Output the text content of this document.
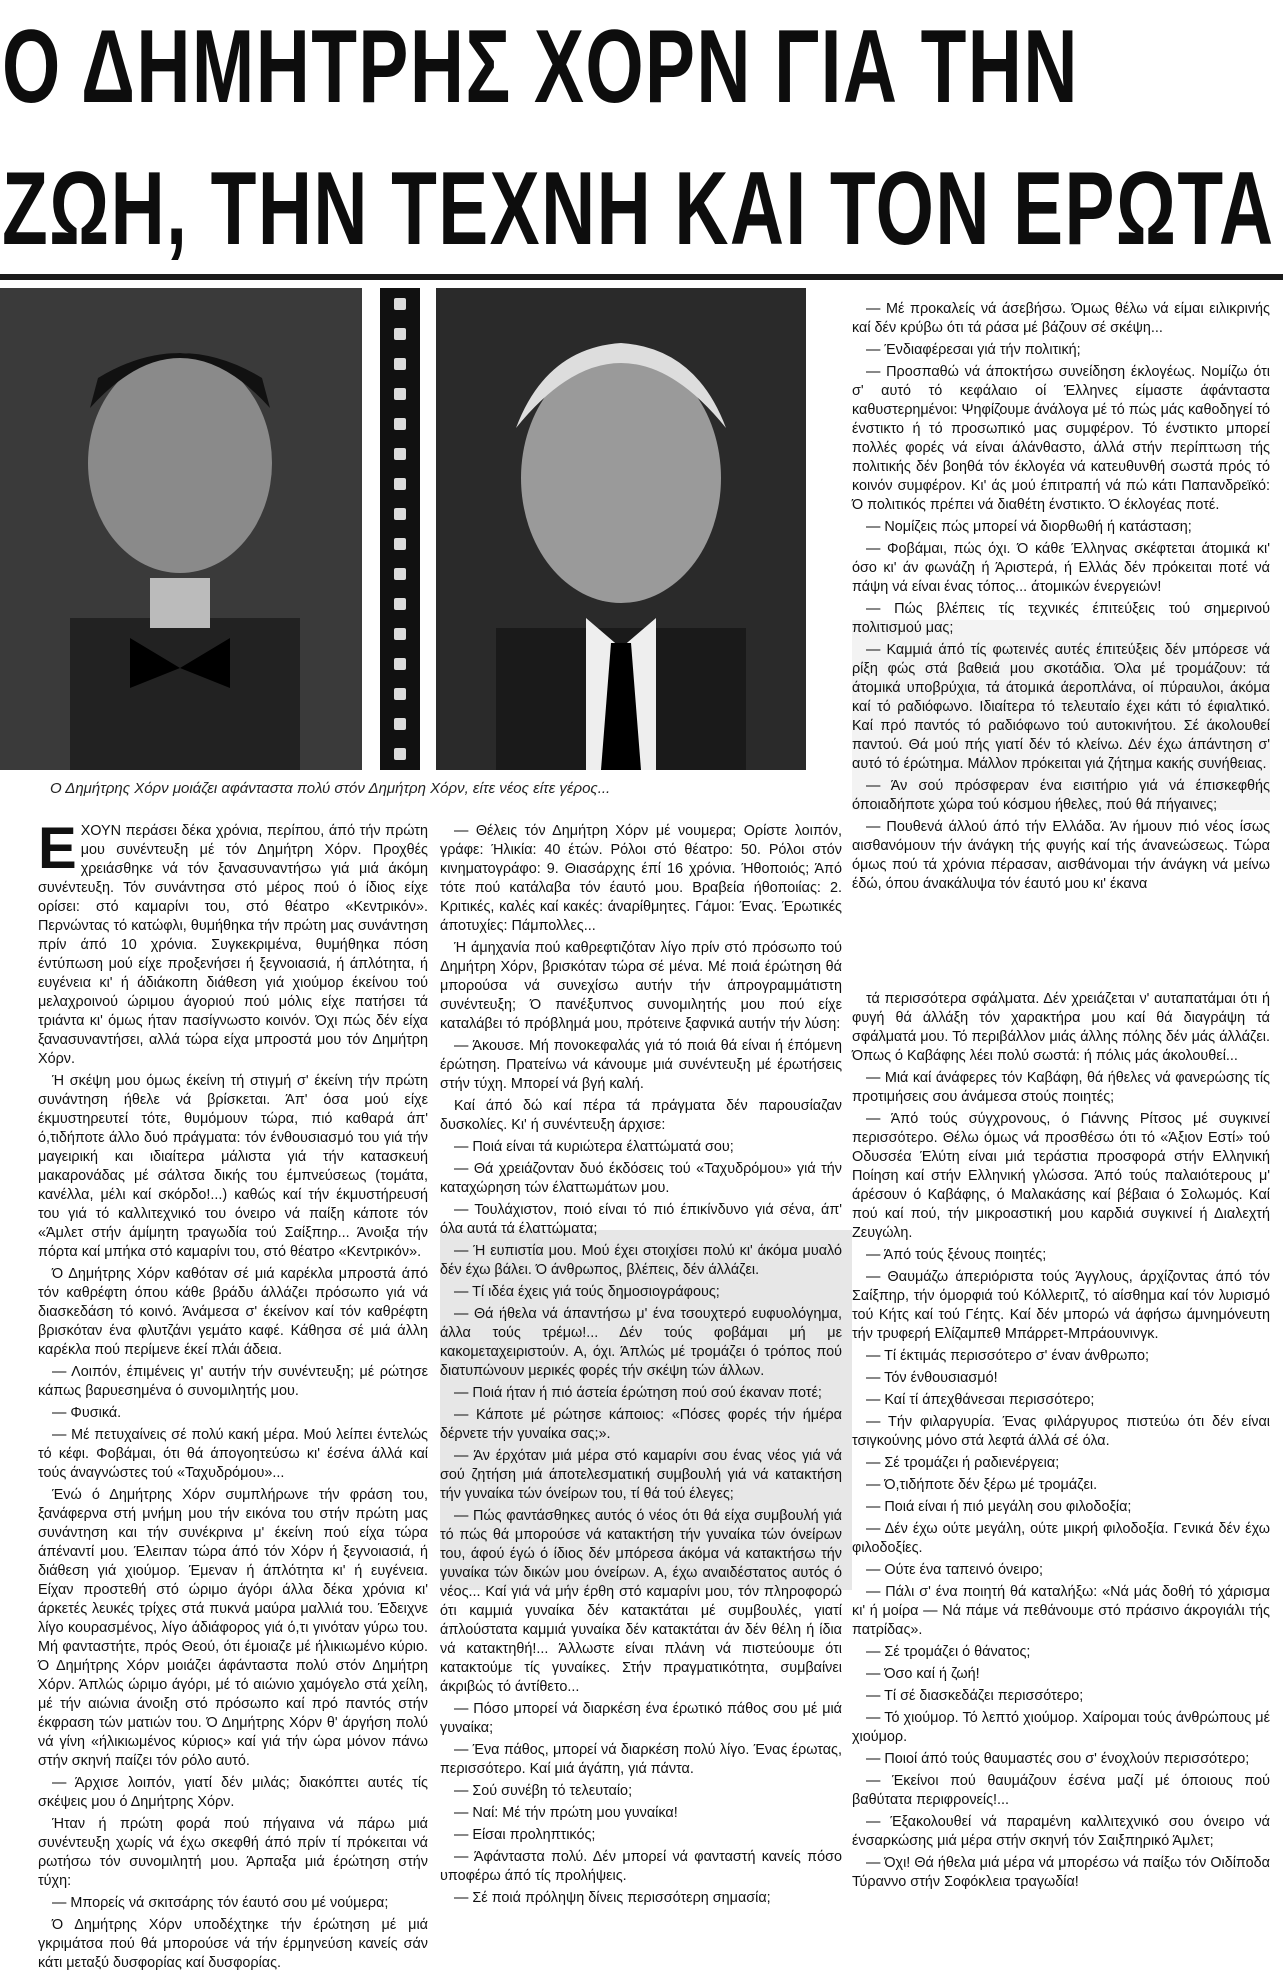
Ο ΔΗΜΗΤΡΗΣ ΧΟΡΝ ΓΙΑ ΤΗΝ
ΖΩΗ, ΤΗΝ ΤΕΧΝΗ ΚΑΙ ΤΟΝ ΕΡΩΤΑ
Ο Δημήτρης Χόρν μοιάζει αφάνταστα πολύ στόν Δημήτρη Χόρν, είτε νέος είτε γέρος...

ΕΧΟΥΝ περάσει δέκα χρόνια, περίπου, άπό τήν πρώτη μου συνέντευξη μέ τόν Δημήτρη Χόρν. Προχθές χρειάσθηκε νά τόν ξανασυναντήσω γιά μιά άκόμη συνέντευξη. Τόν συνάντησα στό μέρος πού ό ίδιος είχε ορίσει: στό καμαρίνι του, στό θέατρο «Κεντρικόν». Περνώντας τό κατώφλι, θυμήθηκα τήν πρώτη μας συνάντηση πρίν άπό 10 χρόνια. Συγκεκριμένα, θυμήθηκα πόση έντύπωση μού είχε προξενήσει ή ξεγνοιασιά, ή άπλότητα, ή ευγένεια κι' ή άδιάκοπη διάθεση γιά χιούμορ έκείνου τού μελαχροινού ώριμου άγοριού πού μόλις είχε πατήσει τά τριάντα κι' όμως ήταν πασίγνωστο κοινόν. Όχι πώς δέν είχα ξανασυναντήσει, αλλά τώρα είχα μπροστά μου τόν Δημήτρη Χόρν.

Ή σκέψη μου όμως έκείνη τή στιγμή σ' έκείνη τήν πρώτη συνάντηση ήθελε νά βρίσκεται. Άπ' όσα μού είχε έκμυστηρευτεί τότε, θυμόμουν τώρα, πιό καθαρά άπ' ό,τιδήποτε άλλο δυό πράγματα: τόν ένθουσιασμό του γιά τήν μαγειρική και ιδιαίτερα μάλιστα γιά τήν κατασκευή μακαρονάδας μέ σάλτσα δικής του έμπνεύσεως (τομάτα, κανέλλα, μέλι καί σκόρδο!...) καθώς καί τήν έκμυστήρευσή του γιά τό καλλιτεχνικό του όνειρο νά παίξη κάποτε τόν «Άμλετ στήν άμίμητη τραγωδία τού Σαίξπηρ... Άνοιξα τήν πόρτα καί μπήκα στό καμαρίνι του, στό θέατρο «Κεντρικόν».

Ό Δημήτρης Χόρν καθόταν σέ μιά καρέκλα μπροστά άπό τόν καθρέφτη όπου κάθε βράδυ άλλάζει πρόσωπο γιά νά διασκεδάση τό κοινό. Άνάμεσα σ' έκείνον καί τόν καθρέφτη βρισκόταν ένα φλυτζάνι γεμάτο καφέ. Κάθησα σέ μιά άλλη καρέκλα πού περίμενε έκεί πλάι άδεια.

— Λοιπόν, έπιμένεις γι' αυτήν τήν συνέντευξη; μέ ρώτησε κάπως βαρυεσημένα ό συνομιλητής μου.

— Φυσικά.

— Μέ πετυχαίνεις σέ πολύ κακή μέρα. Μού λείπει έντελώς τό κέφι. Φοβάμαι, ότι θά άπογοητεύσω κι' έσένα άλλά καί τούς άναγνώστες τού «Ταχυδρόμου»...

Ένώ ό Δημήτρης Χόρν συμπλήρωνε τήν φράση του, ξανάφερνα στή μνήμη μου τήν εικόνα του στήν πρώτη μας συνάντηση και τήν συνέκρινα μ' έκείνη πού είχα τώρα άπέναντί μου. Έλειπαν τώρα άπό τόν Χόρν ή ξεγνοιασιά, ή διάθεση γιά χιούμορ. Έμεναν ή άπλότητα κι' ή ευγένεια. Είχαν προστεθή στό ώριμο άγόρι άλλα δέκα χρόνια κι' άρκετές λευκές τρίχες στά πυκνά μαύρα μαλλιά του. Έδειχνε λίγο κουρασμένος, λίγο άδιάφορος γιά ό,τι γινόταν γύρω του. Μή φανταστήτε, πρός Θεού, ότι έμοιαζε μέ ήλικιωμένο κύριο. Ό Δημήτρης Χόρν μοιάζει άφάνταστα πολύ στόν Δημήτρη Χόρν. Άπλώς ώριμο άγόρι, μέ τό αιώνιο χαμόγελο στά χείλη, μέ τήν αιώνια άνοιξη στό πρόσωπο καί πρό παντός στήν έκφραση τών ματιών του. Ό Δημήτρης Χόρν θ' άργήση πολύ νά γίνη «ήλικιωμένος κύριος» καί γιά τήν ώρα μόνον πάνω στήν σκηνή παίζει τόν ρόλο αυτό.

— Άρχισε λοιπόν, γιατί δέν μιλάς; διακόπτει αυτές τίς σκέψεις μου ό Δημήτρης Χόρν.

Ήταν ή πρώτη φορά πού πήγαινα νά πάρω μιά συνέντευξη χωρίς νά έχω σκεφθή άπό πρίν τί πρόκειται νά ρωτήσω τόν συνομιλητή μου. Άρπαξα μιά έρώτηση στήν τύχη:

— Μπορείς νά σκιτσάρης τόν έαυτό σου μέ νούμερα;

Ό Δημήτρης Χόρν υποδέχτηκε τήν έρώτηση μέ μιά γκριμάτσα πού θά μπορούσε νά τήν έρμηνεύση κανείς σάν κάτι μεταξύ δυσφορίας καί δυσφορίας.

— Θέλεις τόν Δημήτρη Χόρν μέ νουμερα; Ορίστε λοιπόν, γράφε: Ήλικία: 40 έτών. Ρόλοι στό θέατρο: 50. Ρόλοι στόν κινηματογράφο: 9. Θιασάρχης έπί 16 χρόνια. Ήθοποιός; Άπό τότε πού κατάλαβα τόν έαυτό μου. Βραβεία ήθοποιίας: 2. Κριτικές, καλές καί κακές: άναρίθμητες. Γάμοι: Ένας. Έρωτικές άποτυχίες: Πάμπολλες...

Ή άμηχανία πού καθρεφτιζόταν λίγο πρίν στό πρόσωπο τού Δημήτρη Χόρν, βρισκόταν τώρα σέ μένα. Μέ ποιά έρώτηση θά μπορούσα νά συνεχίσω αυτήν τήν άπρογραμμάτιστη συνέντευξη; Ό πανέξυπνος συνομιλητής μου πού είχε καταλάβει τό πρόβλημά μου, πρότεινε ξαφνικά αυτήν τήν λύση:

— Άκουσε. Μή πονοκεφαλάς γιά τό ποιά θά είναι ή έπόμενη έρώτηση. Πρατείνω νά κάνουμε μιά συνέντευξη μέ έρωτήσεις στήν τύχη. Μπορεί νά βγή καλή.

Καί άπό δώ καί πέρα τά πράγματα δέν παρουσίαζαν δυσκολίες. Κι' ή συνέντευξη άρχισε:

— Ποιά είναι τά κυριώτερα έλαττώματά σου;

— Θά χρειάζονταν δυό έκδόσεις τού «Ταχυδρόμου» γιά τήν καταχώρηση τών έλαττωμάτων μου.

— Τουλάχιστον, ποιό είναι τό πιό έπικίνδυνο γιά σένα, άπ' όλα αυτά τά έλαττώματα;

— Ή ευπιστία μου. Μού έχει στοιχίσει πολύ κι' άκόμα μυαλό δέν έχω βάλει. Ό άνθρωπος, βλέπεις, δέν άλλάζει.

— Τί ιδέα έχεις γιά τούς δημοσιογράφους;

— Θά ήθελα νά άπαντήσω μ' ένα τσουχτερό ευφυολόγημα, άλλα τούς τρέμω!... Δέν τούς φοβάμαι μή με κακομεταχειριστούν. Α, όχι. Άπλώς μέ τρομάζει ό τρόπος πού διατυπώνουν μερικές φορές τήν σκέψη τών άλλων.

— Ποιά ήταν ή πιό άστεία έρώτηση πού σού έκαναν ποτέ;

— Κάποτε μέ ρώτησε κάποιος: «Πόσες φορές τήν ήμέρα δέρνετε τήν γυναίκα σας;».

— Άν έρχόταν μιά μέρα στό καμαρίνι σου ένας νέος γιά νά σού ζητήση μιά άποτελεσματική συμβουλή γιά νά κατακτήση τήν γυναίκα τών όνείρων του, τί θά τού έλεγες;

— Πώς φαντάσθηκες αυτός ό νέος ότι θά είχα συμβουλή γιά τό πώς θά μπορούσε νά κατακτήση τήν γυναίκα τών όνείρων του, άφού έγώ ό ίδιος δέν μπόρεσα άκόμα νά κατακτήσω τήν γυναίκα τών δικών μου όνείρων. Α, έχω αναιδέστατος αυτός ό νέος... Καί γιά νά μήν έρθη στό καμαρίνι μου, τόν πληροφορώ ότι καμμιά γυναίκα δέν κατακτάται μέ συμβουλές, γιατί άπλούστατα καμμιά γυναίκα δέν κατακτάται άν δέν θέλη ή ίδια νά κατακτηθή!... Άλλωστε είναι πλάνη νά πιστεύουμε ότι κατακτούμε τίς γυναίκες. Στήν πραγματικότητα, συμβαίνει άκριβώς τό άντίθετο...

— Πόσο μπορεί νά διαρκέση ένα έρωτικό πάθος σου μέ μιά γυναίκα;

— Ένα πάθος, μπορεί νά διαρκέση πολύ λίγο. Ένας έρωτας, περισσότερο. Καί μιά άγάπη, γιά πάντα.

— Σού συνέβη τό τελευταίο;

— Ναί: Μέ τήν πρώτη μου γυναίκα!

— Είσαι προληπτικός;

— Άφάνταστα πολύ. Δέν μπορεί νά φανταστή κανείς πόσο υποφέρω άπό τίς προλήψεις.

— Σέ ποιά πρόληψη δίνεις περισσότερη σημασία;

— Μέ προκαλείς νά άσεβήσω. Όμως θέλω νά είμαι ειλικρινής καί δέν κρύβω ότι τά ράσα μέ βάζουν σέ σκέψη...

— Ένδιαφέρεσαι γιά τήν πολιτική;

— Προσπαθώ νά άποκτήσω συνείδηση έκλογέως. Νομίζω ότι σ' αυτό τό κεφάλαιο οί Έλληνες είμαστε άφάνταστα καθυστερημένοι: Ψηφίζουμε άνάλογα μέ τό πώς μάς καθοδηγεί τό ένστικτο ή τό προσωπικό μας συμφέρον. Τό ένστικτο μπορεί πολλές φορές νά είναι άλάνθαστο, άλλά στήν περίπτωση τής πολιτικής δέν βοηθά τόν έκλογέα νά κατευθυνθή σωστά πρός τό κοινόν συμφέρον. Κι' άς μού έπιτραπή νά πώ κάτι Παπανδρεϊκό: Ό πολιτικός πρέπει νά διαθέτη ένστικτο. Ό έκλογέας ποτέ.

— Νομίζεις πώς μπορεί νά διορθωθή ή κατάσταση;

— Φοβάμαι, πώς όχι. Ό κάθε Έλληνας σκέφτεται άτομικά κι' όσο κι' άν φωνάζη ή Άριστερά, ή Ελλάς δέν πρόκειται ποτέ νά πάψη νά είναι ένας τόπος... άτομικών ένεργειών!

— Πώς βλέπεις τίς τεχνικές έπιτεύξεις τού σημερινού πολιτισμού μας;

— Καμμιά άπό τίς φωτεινές αυτές έπιτεύξεις δέν μπόρεσε νά ρίξη φώς στά βαθειά μου σκοτάδια. Όλα μέ τρομάζουν: τά άτομικά υποβρύχια, τά άτομικά άεροπλάνα, οί πύραυλοι, άκόμα καί τό ραδιόφωνο. Ιδιαίτερα τό τελευταίο έχει κάτι τό έφιαλτικό. Καί πρό παντός τό ραδιόφωνο τού αυτοκινήτου. Σέ άκολουθεί παντού. Θά μού πής γιατί δέν τό κλείνω. Δέν έχω άπάντηση σ' αυτό τό έρώτημα. Μάλλον πρόκειται γιά ζήτημα κακής συνήθειας.

— Άν σού πρόσφεραν ένα εισιτήριο γιά νά έπισκεφθής όποιαδήποτε χώρα τού κόσμου ήθελες, πού θά πήγαινες;

— Πουθενά άλλού άπό τήν Ελλάδα. Άν ήμουν πιό νέος ίσως αισθανόμουν τήν άνάγκη τής φυγής καί τής άνανεώσεως. Τώρα όμως πού τά χρόνια πέρασαν, αισθάνομαι τήν άνάγκη νά μείνω έδώ, όπου άνακάλυψα τόν έαυτό μου κι' έκανα

τά περισσότερα σφάλματα. Δέν χρειάζεται ν' αυταπατάμαι ότι ή φυγή θά άλλάξη τόν χαρακτήρα μου καί θά διαγράψη τά σφάλματά μου. Τό περιβάλλον μιάς άλλης πόλης δέν μάς άλλάζει. Όπως ό Καβάφης λέει πολύ σωστά: ή πόλις μάς άκολουθεί...

— Μιά καί άνάφερες τόν Καβάφη, θά ήθελες νά φανερώσης τίς προτιμήσεις σου άνάμεσα στούς ποιητές;

— Άπό τούς σύγχρονους, ό Γιάννης Ρίτσος μέ συγκινεί περισσότερο. Θέλω όμως νά προσθέσω ότι τό «Άξιον Εστί» τού Οδυσσέα Έλύτη είναι μιά τεράστια προσφορά στήν Ελληνική Ποίηση καί στήν Ελληνική γλώσσα. Άπό τούς παλαιότερους μ' άρέσουν ό Καβάφης, ό Μαλακάσης καί βέβαια ό Σολωμός. Καί πού καί πού, τήν μικροαστική μου καρδιά συγκινεί ή Διαλεχτή Ζευγώλη.

— Άπό τούς ξένους ποιητές;

— Θαυμάζω άπεριόριστα τούς Άγγλους, άρχίζοντας άπό τόν Σαίξπηρ, τήν όμορφιά τού Κόλλεριτζ, τό αίσθημα καί τόν λυρισμό τού Κήτς καί τού Γέητς. Καί δέν μπορώ νά άφήσω άμνημόνευτη τήν τρυφερή Ελίζαμπεθ Μπάρρετ-Μπράουνινγκ.

— Τί έκτιμάς περισσότερο σ' έναν άνθρωπο;

— Τόν ένθουσιασμό!

— Καί τί άπεχθάνεσαι περισσότερο;

— Τήν φιλαργυρία. Ένας φιλάργυρος πιστεύω ότι δέν είναι τσιγκούνης μόνο στά λεφτά άλλά σέ όλα.

— Σέ τρομάζει ή ραδιενέργεια;

— Ό,τιδήποτε δέν ξέρω μέ τρομάζει.

— Ποιά είναι ή πιό μεγάλη σου φιλοδοξία;

— Δέν έχω ούτε μεγάλη, ούτε μικρή φιλοδοξία. Γενικά δέν έχω φιλοδοξίες.

— Ούτε ένα ταπεινό όνειρο;

— Πάλι σ' ένα ποιητή θά καταλήξω: «Νά μάς δοθή τό χάρισμα κι' ή μοίρα — Νά πάμε νά πεθάνουμε στό πράσινο άκρογιάλι τής πατρίδας».

— Σέ τρομάζει ό θάνατος;

— Όσο καί ή ζωή!

— Τί σέ διασκεδάζει περισσότερο;

— Τό χιούμορ. Τό λεπτό χιούμορ. Χαίρομαι τούς άνθρώπους μέ χιούμορ.

— Ποιοί άπό τούς θαυμαστές σου σ' ένοχλούν περισσότερο;

— Έκείνοι πού θαυμάζουν έσένα μαζί μέ όποιους πού βαθύτατα περιφρονείς!...

— Έξακολουθεί νά παραμένη καλλιτεχνικό σου όνειρο νά ένσαρκώσης μιά μέρα στήν σκηνή τόν Σαιξπηρικό Άμλετ;

— Όχι! Θά ήθελα μιά μέρα νά μπορέσω νά παίξω τόν Οιδίποδα Τύραννο στήν Σοφόκλεια τραγωδία!
